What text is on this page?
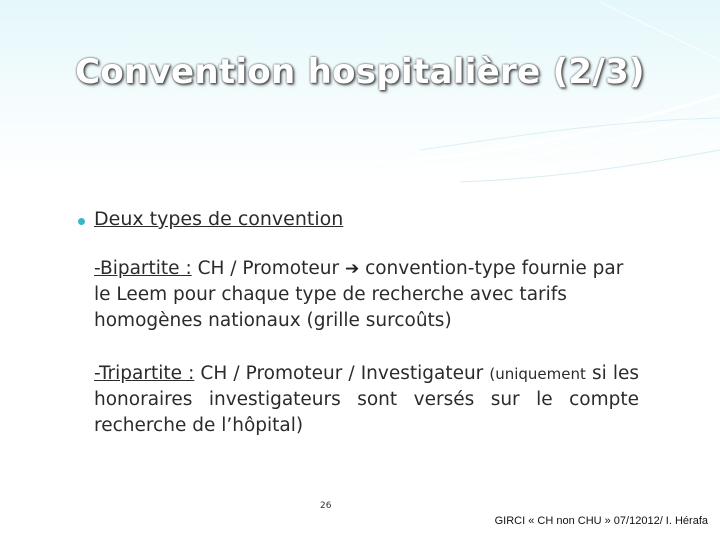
Convention hospitalière (2/3)
Deux types de convention
-Bipartite : CH / Promoteur ➔ convention-type fournie par le Leem pour chaque type de recherche avec tarifs homogènes nationaux (grille surcoûts)
-Tripartite : CH / Promoteur / Investigateur (uniquement si les honoraires investigateurs sont versés sur le compte recherche de l’hôpital)
26
GIRCI « CH non CHU » 07/12012/ I. Hérafa
